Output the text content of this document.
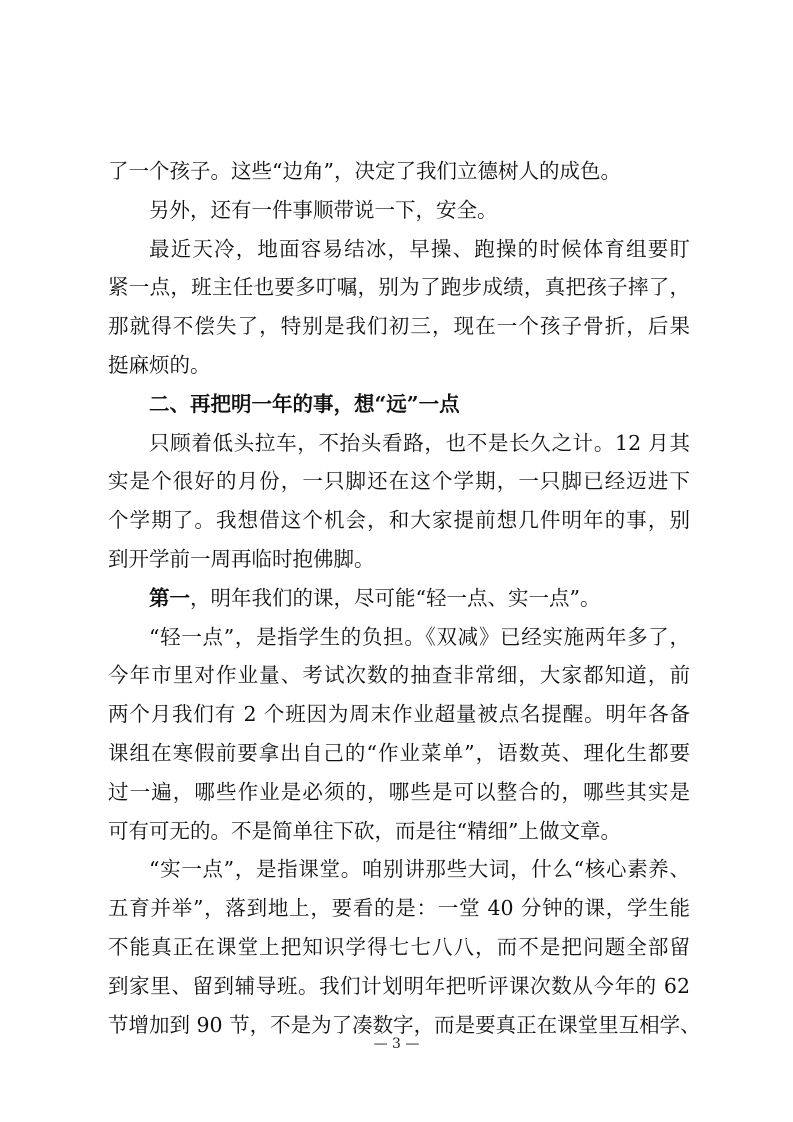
了一个孩子。这些“边角”，决定了我们立德树人的成色。
另外，还有一件事顺带说一下，安全。
最近天冷，地面容易结冰，早操、跑操的时候体育组要盯
紧一点，班主任也要多叮嘱，别为了跑步成绩，真把孩子摔了，
那就得不偿失了，特别是我们初三，现在一个孩子骨折，后果
挺麻烦的。
二、再把明一年的事，想“远”一点
只顾着低头拉车，不抬头看路，也不是长久之计。12 月其
实是个很好的月份，一只脚还在这个学期，一只脚已经迈进下
个学期了。我想借这个机会，和大家提前想几件明年的事，别
到开学前一周再临时抱佛脚。
第一，明年我们的课，尽可能“轻一点、实一点”。
“轻一点”，是指学生的负担。《双减》已经实施两年多了，
今年市里对作业量、考试次数的抽查非常细，大家都知道，前
两个月我们有 2 个班因为周末作业超量被点名提醒。明年各备
课组在寒假前要拿出自己的“作业菜单”，语数英、理化生都要
过一遍，哪些作业是必须的，哪些是可以整合的，哪些其实是
可有可无的。不是简单往下砍，而是往“精细”上做文章。
“实一点”，是指课堂。咱别讲那些大词，什么“核心素养、
五育并举”，落到地上，要看的是：一堂 40 分钟的课，学生能
不能真正在课堂上把知识学得七七八八，而不是把问题全部留
到家里、留到辅导班。我们计划明年把听评课次数从今年的 62
节增加到 90 节，不是为了凑数字，而是要真正在课堂里互相学、
— 3 —
